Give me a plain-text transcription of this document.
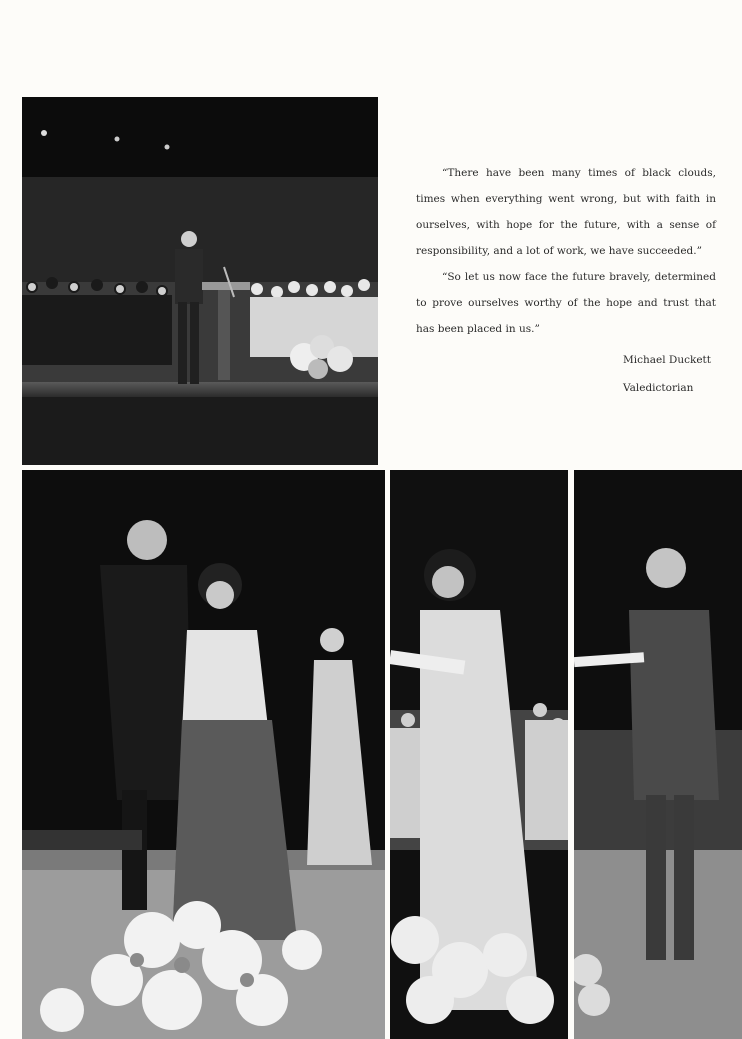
“There have been many times of black clouds, times when everything went wrong, but with faith in ourselves, with hope for the future, with a sense of responsibility, and a lot of work, we have succeeded.”

“So let us now face the future bravely, determined to prove ourselves worthy of the hope and trust that has been placed in us.”

Michael Duckett
Valedictorian
